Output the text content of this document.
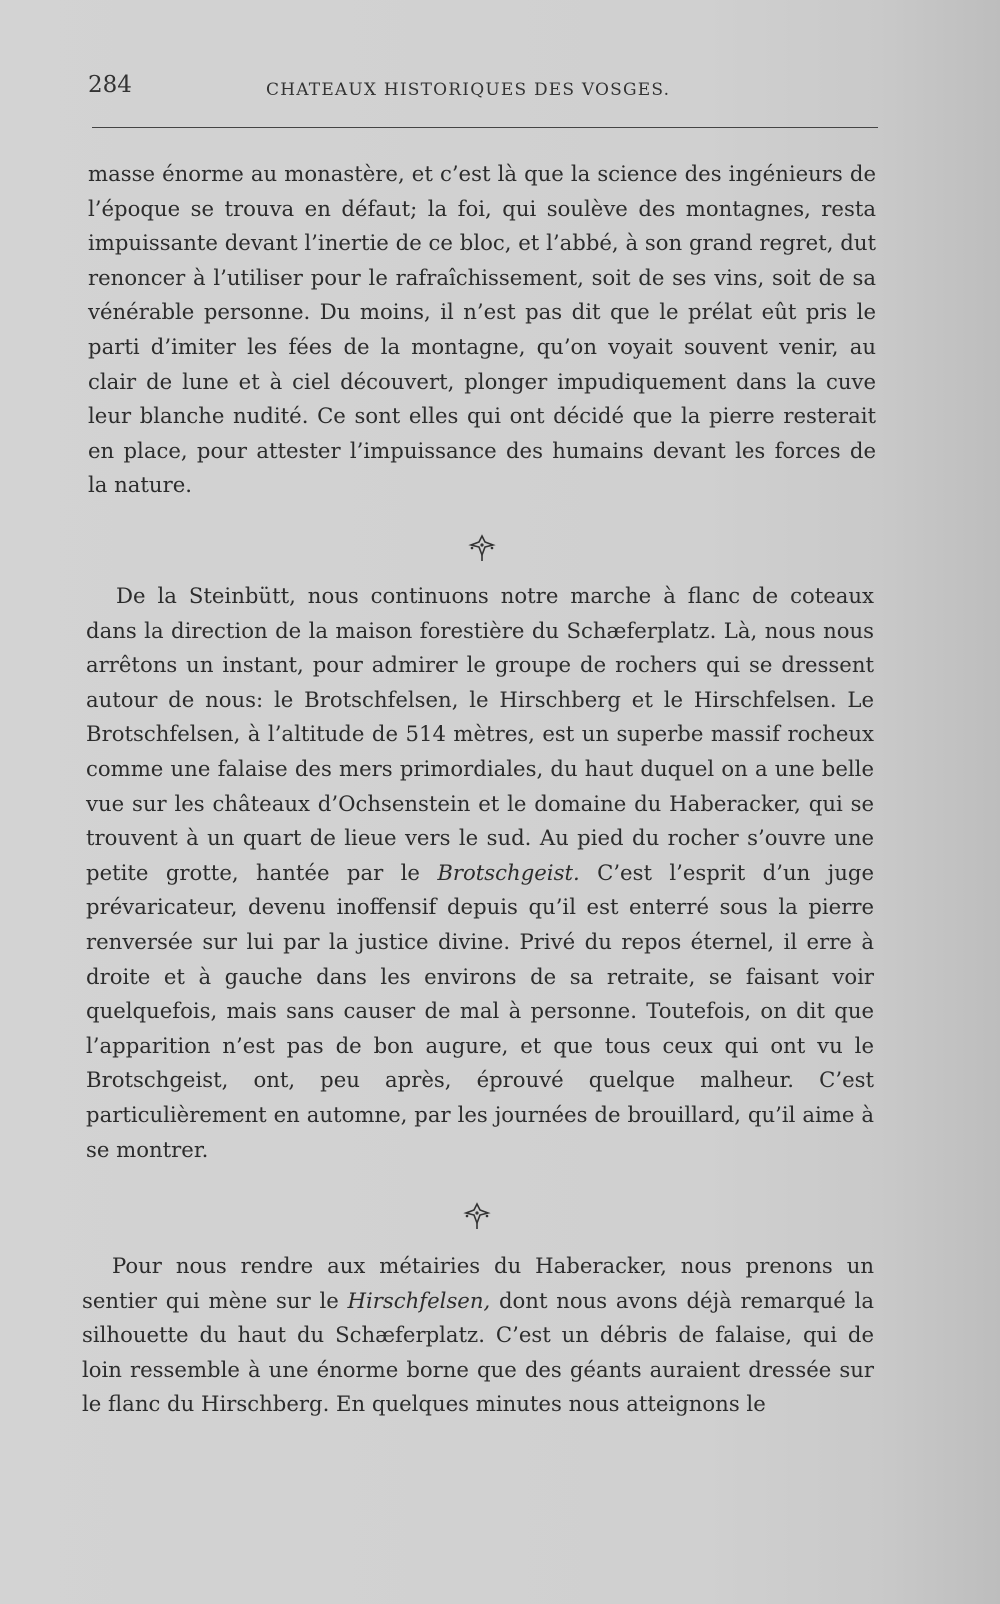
284	CHATEAUX HISTORIQUES DES VOSGES.

masse énorme au monastère, et c’est là que la science des ingénieurs de l’époque se trouva en défaut; la foi, qui soulève des montagnes, resta impuissante devant l’inertie de ce bloc, et l’abbé, à son grand regret, dut renoncer à l’utiliser pour le rafraîchissement, soit de ses vins, soit de sa vénérable personne. Du moins, il n’est pas dit que le prélat eût pris le parti d’imiter les fées de la montagne, qu’on voyait souvent venir, au clair de lune et à ciel découvert, plonger impudiquement dans la cuve leur blanche nudité. Ce sont elles qui ont décidé que la pierre resterait en place, pour attester l’impuissance des humains devant les forces de la nature.

De la Steinbütt, nous continuons notre marche à flanc de coteaux dans la direction de la maison forestière du Schæferplatz. Là, nous nous arrêtons un instant, pour admirer le groupe de rochers qui se dressent autour de nous: le Brotschfelsen, le Hirschberg et le Hirschfelsen. Le Brotschfelsen, à l’altitude de 514 mètres, est un superbe massif rocheux comme une falaise des mers primordiales, du haut duquel on a une belle vue sur les châteaux d’Ochsenstein et le domaine du Haberacker, qui se trouvent à un quart de lieue vers le sud. Au pied du rocher s’ouvre une petite grotte, hantée par le Brotschgeist. C’est l’esprit d’un juge prévaricateur, devenu inoffensif depuis qu’il est enterré sous la pierre renversée sur lui par la justice divine. Privé du repos éternel, il erre à droite et à gauche dans les environs de sa retraite, se faisant voir quelquefois, mais sans causer de mal à personne. Toutefois, on dit que l’apparition n’est pas de bon augure, et que tous ceux qui ont vu le Brotschgeist, ont, peu après, éprouvé quelque malheur. C’est particulièrement en automne, par les journées de brouillard, qu’il aime à se montrer.

Pour nous rendre aux métairies du Haberacker, nous prenons un sentier qui mène sur le Hirschfelsen, dont nous avons déjà remarqué la silhouette du haut du Schæferplatz. C’est un débris de falaise, qui de loin ressemble à une énorme borne que des géants auraient dressée sur le flanc du Hirschberg. En quelques minutes nous atteignons le
